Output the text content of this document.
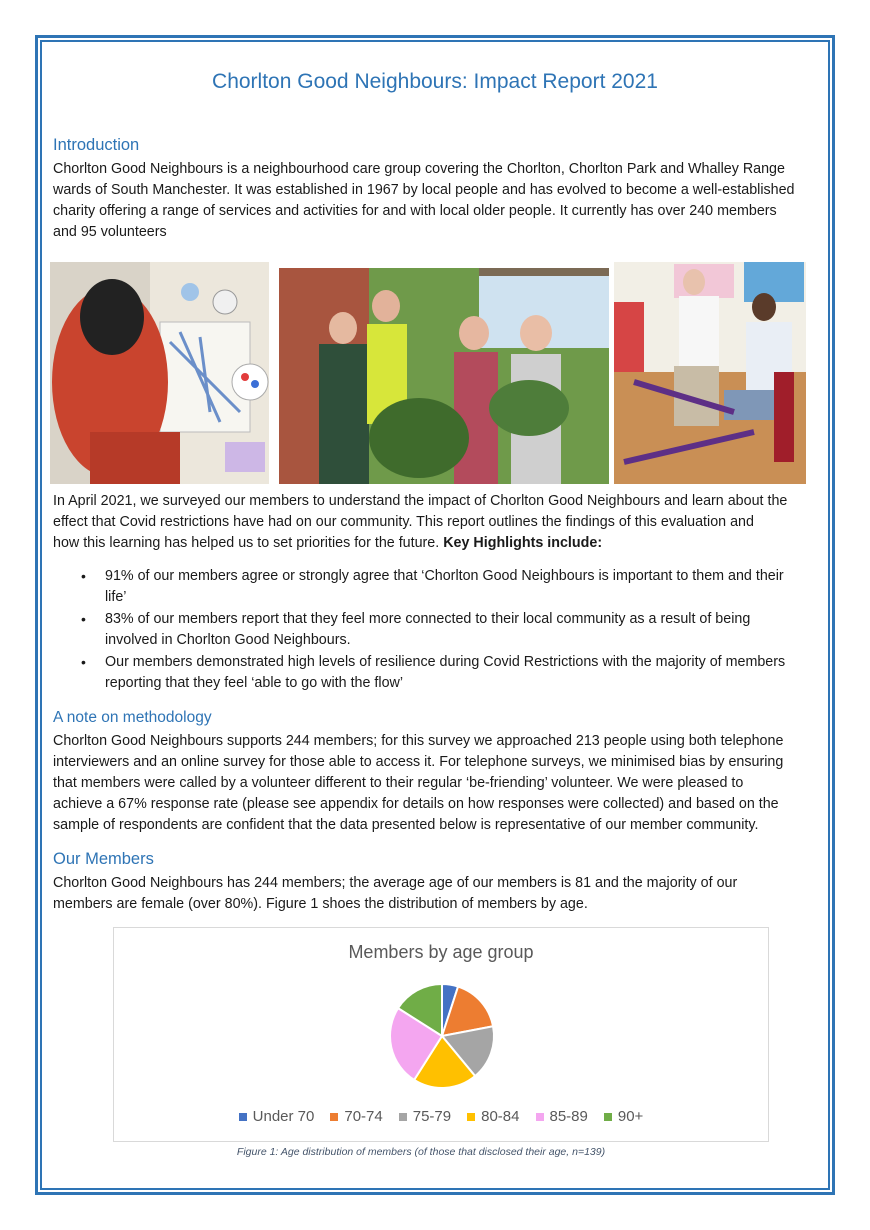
Chorlton Good Neighbours: Impact Report 2021
Introduction
Chorlton Good Neighbours is a neighbourhood care group covering the Chorlton, Chorlton Park and Whalley Range
wards of South Manchester. It was established in 1967 by local people and has evolved to become a well-established
charity offering a range of services and activities for and with local older people. It currently has over 240 members
and 95 volunteers
In April 2021, we surveyed our members to understand the impact of Chorlton Good Neighbours and learn about the
effect that Covid restrictions have had on our community. This report outlines the findings of this evaluation and
how this learning has helped us to set priorities for the future. Key Highlights include:
• 91% of our members agree or strongly agree that ‘Chorlton Good Neighbours is important to them and their
life’
• 83% of our members report that they feel more connected to their local community as a result of being
involved in Chorlton Good Neighbours.
• Our members demonstrated high levels of resilience during Covid Restrictions with the majority of members
reporting that they feel ‘able to go with the flow’
A note on methodology
Chorlton Good Neighbours supports 244 members; for this survey we approached 213 people using both telephone
interviewers and an online survey for those able to access it. For telephone surveys, we minimised bias by ensuring
that members were called by a volunteer different to their regular ‘be-friending’ volunteer. We were pleased to
achieve a 67% response rate (please see appendix for details on how responses were collected) and based on the
sample of respondents are confident that the data presented below is representative of our member community.
Our Members
Chorlton Good Neighbours has 244 members; the average age of our members is 81 and the majority of our
members are female (over 80%). Figure 1 shoes the distribution of members by age.
Members by age group
Under 70 70-74 75-79 80-84 85-89 90+
Figure 1: Age distribution of members (of those that disclosed their age, n=139)
